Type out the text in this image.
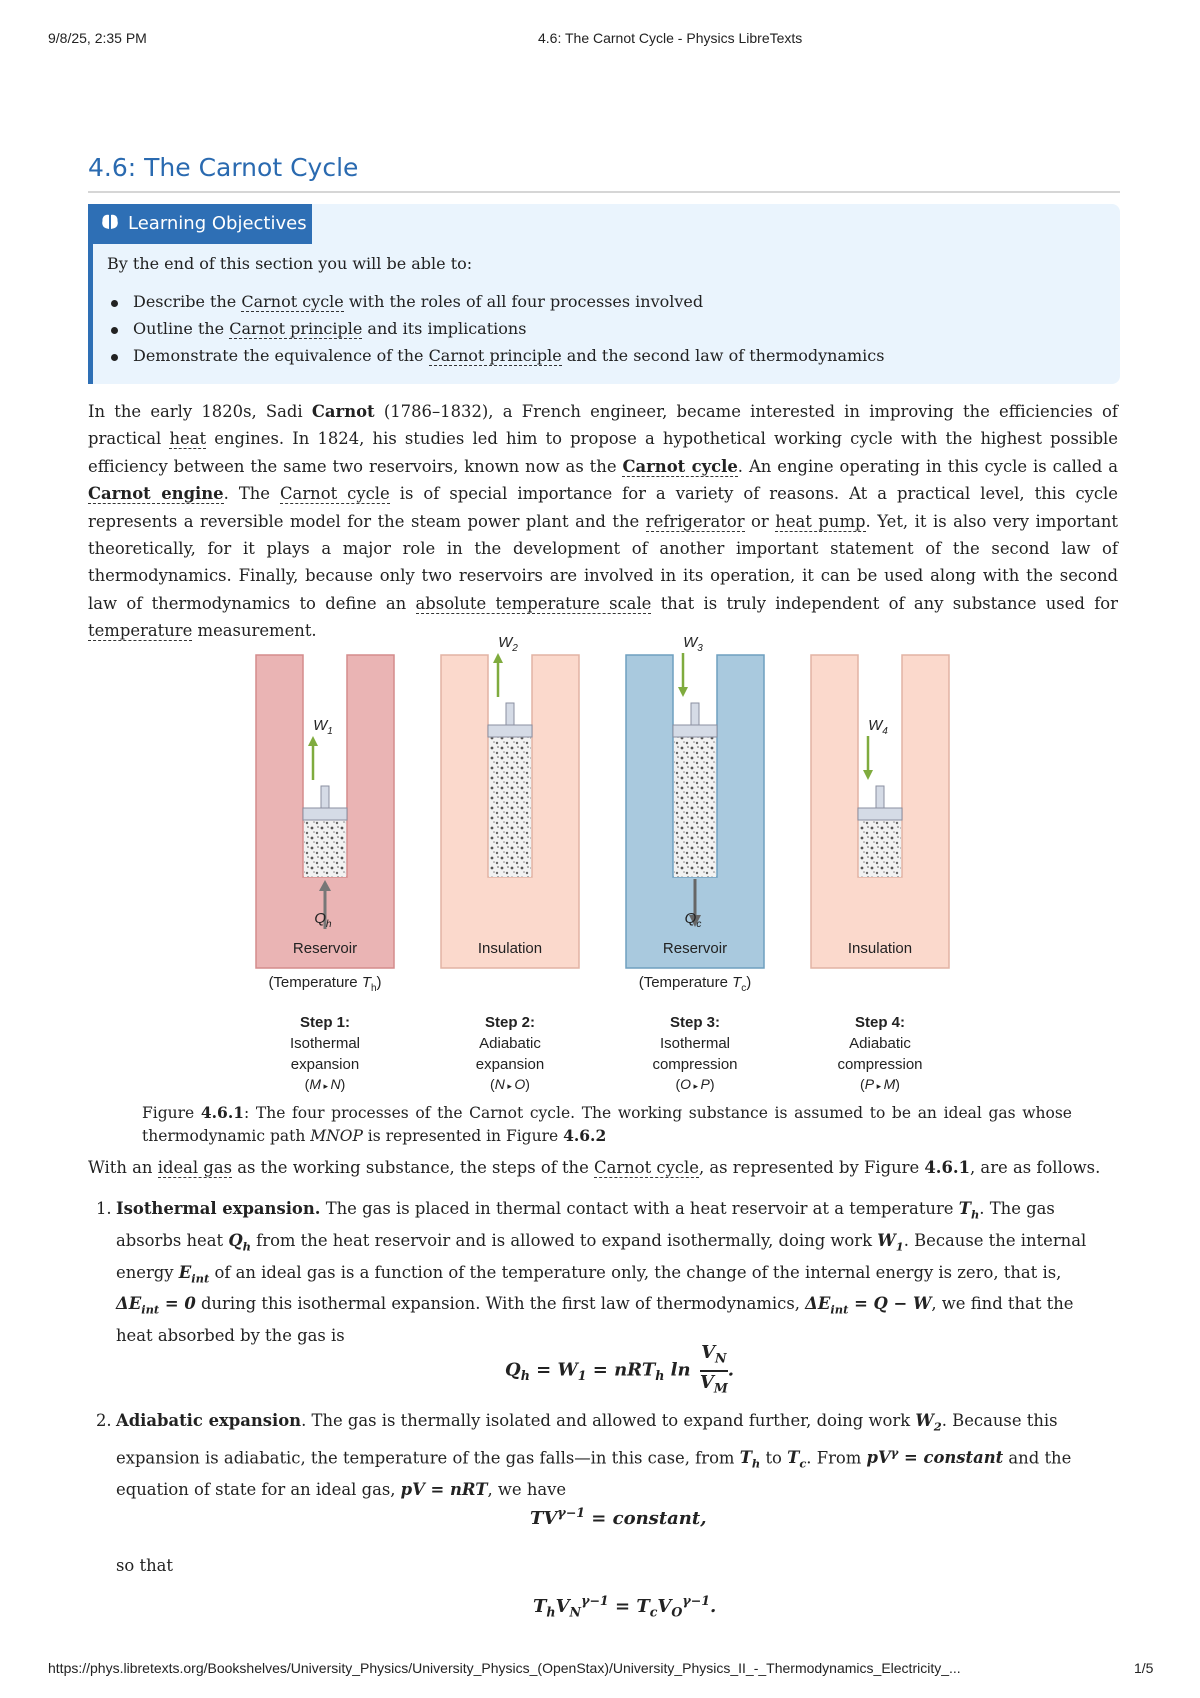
9/8/25, 2:35 PM	4.6: The Carnot Cycle - Physics LibreTexts
4.6: The Carnot Cycle
Learning Objectives
By the end of this section you will be able to:
Describe the Carnot cycle with the roles of all four processes involved
Outline the Carnot principle and its implications
Demonstrate the equivalence of the Carnot principle and the second law of thermodynamics
In the early 1820s, Sadi Carnot (1786–1832), a French engineer, became interested in improving the efficiencies of practical heat engines. In 1824, his studies led him to propose a hypothetical working cycle with the highest possible efficiency between the same two reservoirs, known now as the Carnot cycle. An engine operating in this cycle is called a Carnot engine. The Carnot cycle is of special importance for a variety of reasons. At a practical level, this cycle represents a reversible model for the steam power plant and the refrigerator or heat pump. Yet, it is also very important theoretically, for it plays a major role in the development of another important statement of the second law of thermodynamics. Finally, because only two reservoirs are involved in its operation, it can be used along with the second law of thermodynamics to define an absolute temperature scale that is truly independent of any substance used for temperature measurement.
$W_1$
$Q_h$
Reservoir
(Temperature $T_h$)
Step 1:
Isothermal
expansion
(M ▸ N)
$W_2$
Insulation
Step 2:
Adiabatic
expansion
(N ▸ O)
$W_3$
$Q_c$
Reservoir
(Temperature $T_c$)
Step 3:
Isothermal
compression
(O ▸ P)
$W_4$
Insulation
Step 4:
Adiabatic
compression
(P ▸ M)
Figure 4.6.1: The four processes of the Carnot cycle. The working substance is assumed to be an ideal gas whose thermodynamic path MNOP is represented in Figure 4.6.2
With an ideal gas as the working substance, the steps of the Carnot cycle, as represented by Figure 4.6.1, are as follows.
1. Isothermal expansion. The gas is placed in thermal contact with a heat reservoir at a temperature $T_h$. The gas absorbs heat $Q_h$ from the heat reservoir and is allowed to expand isothermally, doing work $W_1$. Because the internal energy $E_{int}$ of an ideal gas is a function of the temperature only, the change of the internal energy is zero, that is, $\Delta E_{int} = 0$ during this isothermal expansion. With the first law of thermodynamics, $\Delta E_{int} = Q - W$, we find that the heat absorbed by the gas is
$Q_h = W_1 = nRT_h$ $\ln \frac{V_N}{V_M}$ .
2. Adiabatic expansion. The gas is thermally isolated and allowed to expand further, doing work $W_2$. Because this expansion is adiabatic, the temperature of the gas falls—in this case, from $T_h$ to $T_c$. From $pV^\gamma$ = constant and the equation of state for an ideal gas, pV = nRT, we have
$TV^{\gamma-1}$ = constant,
so that
$T_hV_N^{\gamma-1} = T_cV_O^{\gamma-1}$.
https://phys.libretexts.org/Bookshelves/University_Physics/University_Physics_(OpenStax)/University_Physics_II_-_Thermodynamics_Electricity_...	1/5
